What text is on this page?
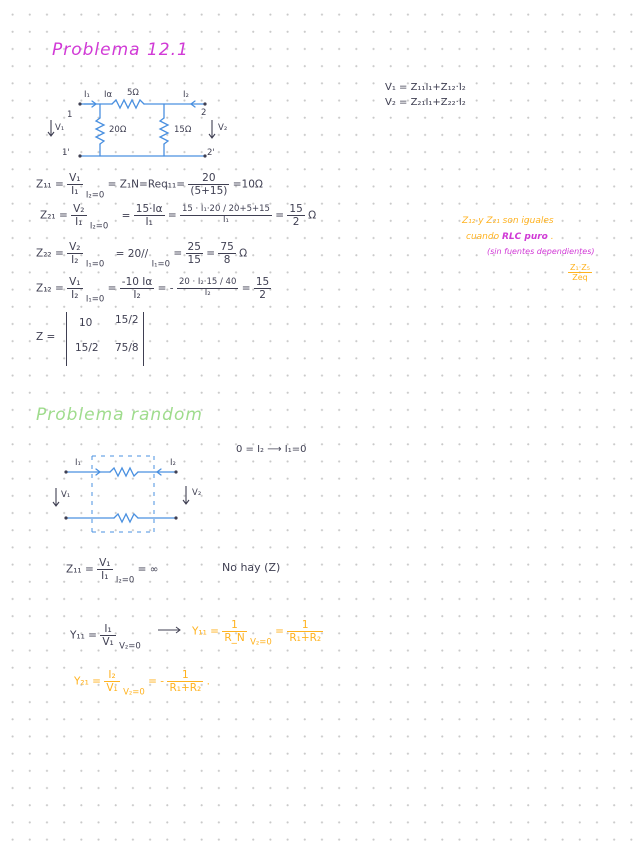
Problema 12.1
I₁ Iα 5Ω	I₂
1	2
1'	2'
V₁	20Ω	15Ω	V₂
V₁ = Z₁₁I₁+Z₁₂·I₂
V₂ = Z₂₁I₁+Z₂₂·I₂
$Z_{11} = \frac{\text{V₁}}{\text{I₁}} _{I_2=0} = Z_1N=Req_{11}= \frac{20}{(5+15)} =10\Omega$
$Z_{21} = \frac{\text{V₂}}{\text{I₁}} _{I_2=0} = \frac{15\cdot I\alpha}{\text{I₁}} = \frac{\text{15 · I₁·20 / 20+5+15}}{\text{I₁}} = \frac{15}{2}$ Ω
$Z_{22} = \frac{\text{V₂}}{\text{I₂}} _{I_1=0} = 20//$ $_{I_1=0} = \frac{25}{15} = \frac{75}{8}$ Ω
$Z_{12} = \frac{\text{V₁}}{\text{I₂}} _{I_1=0} = \frac{-10 I\alpha}{\text{I₂}}$ = - $\frac{\text{20 · I₂·15 / 40}}{\text{I₂}} = \frac{15}{2}$
Z =
10 15/2
15/2 75/8
Z₁₂ y Z₂₁ son iguales
cuando RLC puro .
(sin fuentes dependientes)
$\frac{\text{Z₁·Z₅}}{\text{Zeq}}$
Problema random
I₁	I₂
V₁	V₂
0 = I₂ ⟶ I₁=0
$Z_{11} = \frac{\text{V₁}}{\text{I₁}} _{I_2=0}$ = ∞	No hay (Z)
$Y_{11} = \frac{\text{I₁}}{\text{V₁}} _{V_2=0}$
$Y_{11} = \frac{1}{R\_N} _{V_2=0} = \frac{1}{\text{R₁+R₂}}$
$Y_{21} = \frac{\text{I₂}}{\text{V₁}} _{V_2=0}$ = - $\frac{1}{\text{R₁+R₂}}$ .
